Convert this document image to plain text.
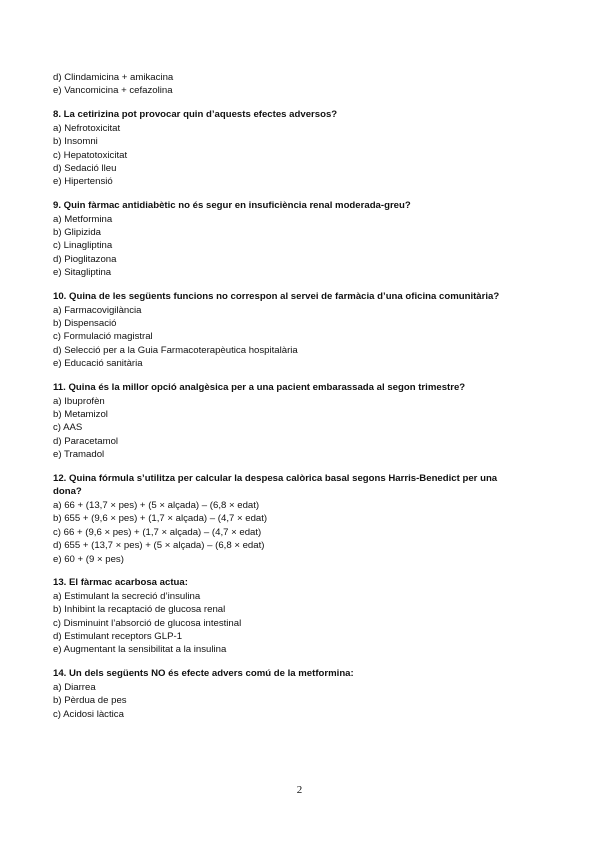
d) Clindamicina + amikacina
e) Vancomicina + cefazolina
8. La cetirizina pot provocar quin d’aquests efectes adversos?
a) Nefrotoxicitat
b) Insomni
c) Hepatotoxicitat
d) Sedació lleu
e) Hipertensió
9. Quin fàrmac antidiabètic no és segur en insuficiència renal moderada-greu?
a) Metformina
b) Glipizida
c) Linagliptina
d) Pioglitazona
e) Sitagliptina
10. Quina de les següents funcions no correspon al servei de farmàcia d’una oficina comunitària?
a) Farmacovigilància
b) Dispensació
c) Formulació magistral
d) Selecció per a la Guia Farmacoterapèutica hospitalària
e) Educació sanitària
11. Quina és la millor opció analgèsica per a una pacient embarassada al segon trimestre?
a) Ibuprofèn
b) Metamizol
c) AAS
d) Paracetamol
e) Tramadol
12. Quina fórmula s’utilitza per calcular la despesa calòrica basal segons Harris-Benedict per una
dona?
a) 66 + (13,7 × pes) + (5 × alçada) – (6,8 × edat)
b) 655 + (9,6 × pes) + (1,7 × alçada) – (4,7 × edat)
c) 66 + (9,6 × pes) + (1,7 × alçada) – (4,7 × edat)
d) 655 + (13,7 × pes) + (5 × alçada) – (6,8 × edat)
e) 60 + (9 × pes)
13. El fàrmac acarbosa actua:
a) Estimulant la secreció d’insulina
b) Inhibint la recaptació de glucosa renal
c) Disminuint l’absorció de glucosa intestinal
d) Estimulant receptors GLP-1
e) Augmentant la sensibilitat a la insulina
14. Un dels següents NO és efecte advers comú de la metformina:
a) Diarrea
b) Pèrdua de pes
c) Acidosi làctica
2
